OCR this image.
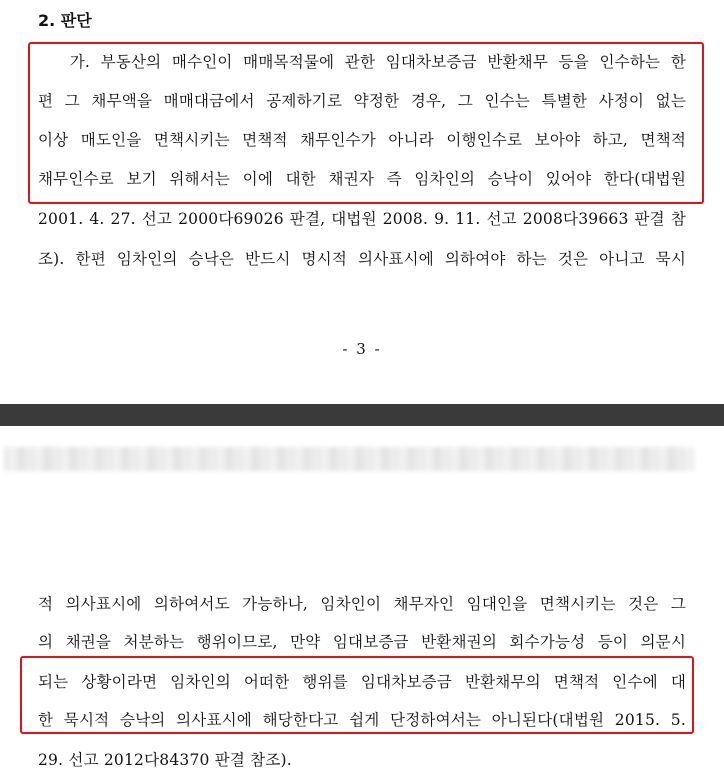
2. 판단
가. 부동산의 매수인이 매매목적물에 관한 임대차보증금 반환채무 등을 인수하는 한
편 그 채무액을 매매대금에서 공제하기로 약정한 경우, 그 인수는 특별한 사정이 없는
이상 매도인을 면책시키는 면책적 채무인수가 아니라 이행인수로 보아야 하고, 면책적
채무인수로 보기 위해서는 이에 대한 채권자 즉 임차인의 승낙이 있어야 한다(대법원
2001. 4. 27. 선고 2000다69026 판결, 대법원 2008. 9. 11. 선고 2008다39663 판결 참
조). 한편 임차인의 승낙은 반드시 명시적 의사표시에 의하여야 하는 것은 아니고 묵시
- 3 -
적 의사표시에 의하여서도 가능하나, 임차인이 채무자인 임대인을 면책시키는 것은 그
의 채권을 처분하는 행위이므로, 만약 임대보증금 반환채권의 회수가능성 등이 의문시
되는 상황이라면 임차인의 어떠한 행위를 임대차보증금 반환채무의 면책적 인수에 대
한 묵시적 승낙의 의사표시에 해당한다고 쉽게 단정하여서는 아니된다(대법원 2015. 5.
29. 선고 2012다84370 판결 참조).
